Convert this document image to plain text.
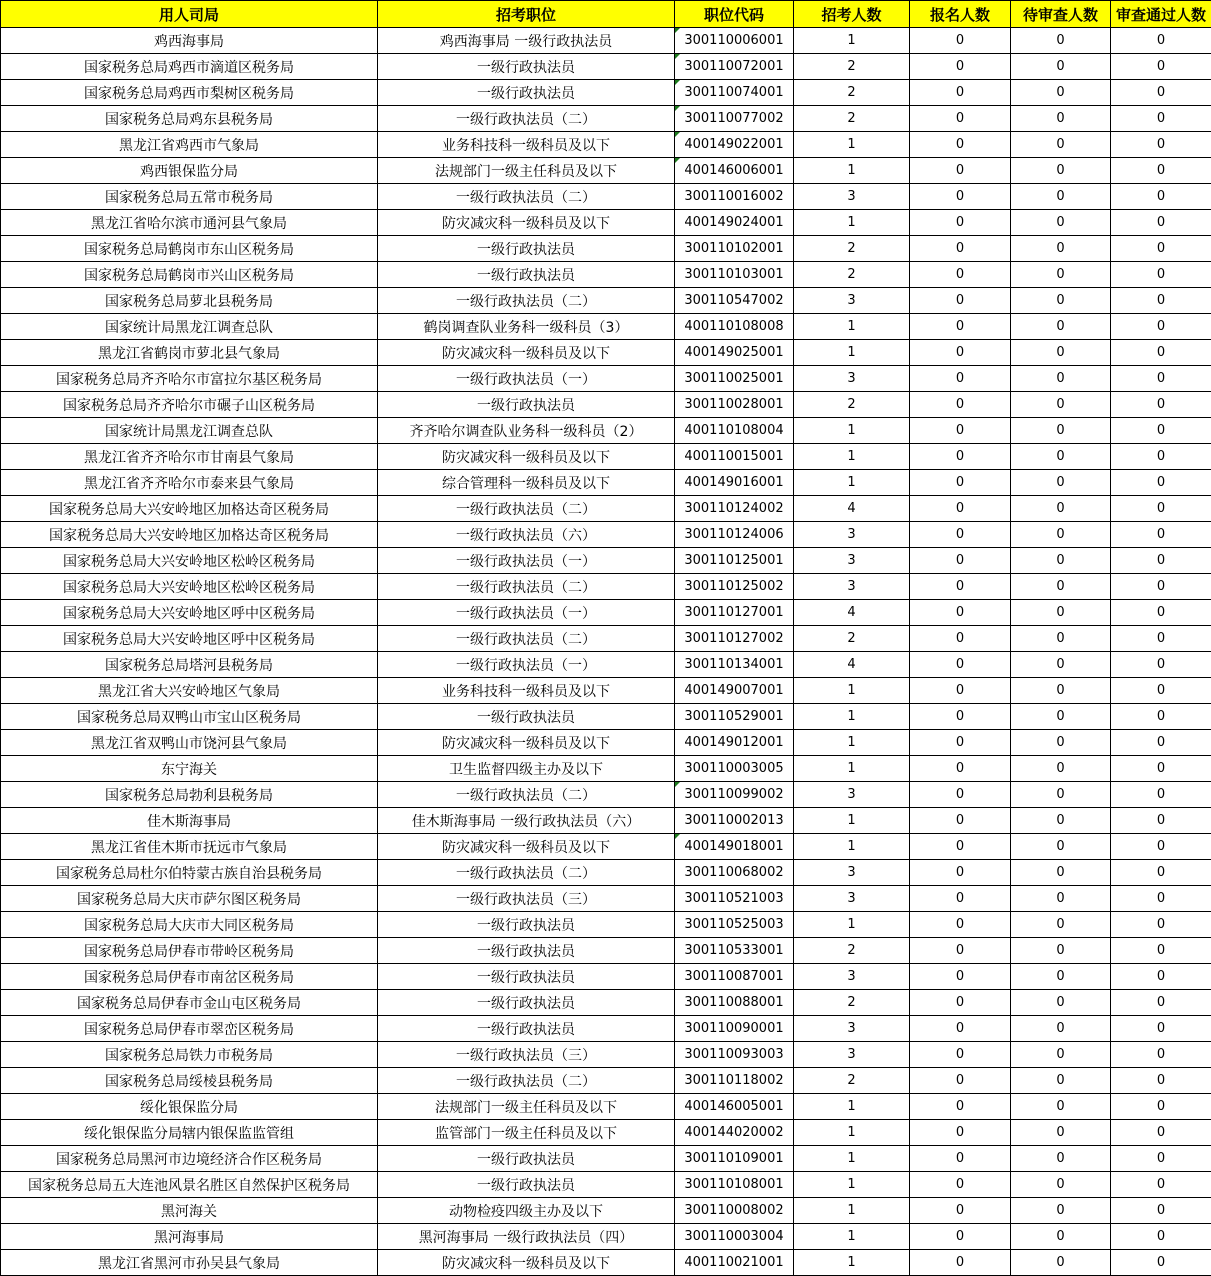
用人司局	招考职位	职位代码	招考人数	报名人数	待审查人数	审查通过人数
鸡西海事局	鸡西海事局 一级行政执法员	300110006001	1	0	0	0
国家税务总局鸡西市滴道区税务局	一级行政执法员	300110072001	2	0	0	0
国家税务总局鸡西市梨树区税务局	一级行政执法员	300110074001	2	0	0	0
国家税务总局鸡东县税务局	一级行政执法员（二）	300110077002	2	0	0	0
黑龙江省鸡西市气象局	业务科技科一级科员及以下	400149022001	1	0	0	0
鸡西银保监分局	法规部门一级主任科员及以下	400146006001	1	0	0	0
国家税务总局五常市税务局	一级行政执法员（二）	300110016002	3	0	0	0
黑龙江省哈尔滨市通河县气象局	防灾减灾科一级科员及以下	400149024001	1	0	0	0
国家税务总局鹤岗市东山区税务局	一级行政执法员	300110102001	2	0	0	0
国家税务总局鹤岗市兴山区税务局	一级行政执法员	300110103001	2	0	0	0
国家税务总局萝北县税务局	一级行政执法员（二）	300110547002	3	0	0	0
国家统计局黑龙江调查总队	鹤岗调查队业务科一级科员（3）	400110108008	1	0	0	0
黑龙江省鹤岗市萝北县气象局	防灾减灾科一级科员及以下	400149025001	1	0	0	0
国家税务总局齐齐哈尔市富拉尔基区税务局	一级行政执法员（一）	300110025001	3	0	0	0
国家税务总局齐齐哈尔市碾子山区税务局	一级行政执法员	300110028001	2	0	0	0
国家统计局黑龙江调查总队	齐齐哈尔调查队业务科一级科员（2）	400110108004	1	0	0	0
黑龙江省齐齐哈尔市甘南县气象局	防灾减灾科一级科员及以下	400110015001	1	0	0	0
黑龙江省齐齐哈尔市泰来县气象局	综合管理科一级科员及以下	400149016001	1	0	0	0
国家税务总局大兴安岭地区加格达奇区税务局	一级行政执法员（二）	300110124002	4	0	0	0
国家税务总局大兴安岭地区加格达奇区税务局	一级行政执法员（六）	300110124006	3	0	0	0
国家税务总局大兴安岭地区松岭区税务局	一级行政执法员（一）	300110125001	3	0	0	0
国家税务总局大兴安岭地区松岭区税务局	一级行政执法员（二）	300110125002	3	0	0	0
国家税务总局大兴安岭地区呼中区税务局	一级行政执法员（一）	300110127001	4	0	0	0
国家税务总局大兴安岭地区呼中区税务局	一级行政执法员（二）	300110127002	2	0	0	0
国家税务总局塔河县税务局	一级行政执法员（一）	300110134001	4	0	0	0
黑龙江省大兴安岭地区气象局	业务科技科一级科员及以下	400149007001	1	0	0	0
国家税务总局双鸭山市宝山区税务局	一级行政执法员	300110529001	1	0	0	0
黑龙江省双鸭山市饶河县气象局	防灾减灾科一级科员及以下	400149012001	1	0	0	0
东宁海关	卫生监督四级主办及以下	300110003005	1	0	0	0
国家税务总局勃利县税务局	一级行政执法员（二）	300110099002	3	0	0	0
佳木斯海事局	佳木斯海事局 一级行政执法员（六）	300110002013	1	0	0	0
黑龙江省佳木斯市抚远市气象局	防灾减灾科一级科员及以下	400149018001	1	0	0	0
国家税务总局杜尔伯特蒙古族自治县税务局	一级行政执法员（二）	300110068002	3	0	0	0
国家税务总局大庆市萨尔图区税务局	一级行政执法员（三）	300110521003	3	0	0	0
国家税务总局大庆市大同区税务局	一级行政执法员	300110525003	1	0	0	0
国家税务总局伊春市带岭区税务局	一级行政执法员	300110533001	2	0	0	0
国家税务总局伊春市南岔区税务局	一级行政执法员	300110087001	3	0	0	0
国家税务总局伊春市金山屯区税务局	一级行政执法员	300110088001	2	0	0	0
国家税务总局伊春市翠峦区税务局	一级行政执法员	300110090001	3	0	0	0
国家税务总局铁力市税务局	一级行政执法员（三）	300110093003	3	0	0	0
国家税务总局绥棱县税务局	一级行政执法员（二）	300110118002	2	0	0	0
绥化银保监分局	法规部门一级主任科员及以下	400146005001	1	0	0	0
绥化银保监分局辖内银保监监管组	监管部门一级主任科员及以下	400144020002	1	0	0	0
国家税务总局黑河市边境经济合作区税务局	一级行政执法员	300110109001	1	0	0	0
国家税务总局五大连池风景名胜区自然保护区税务局	一级行政执法员	300110108001	1	0	0	0
黑河海关	动物检疫四级主办及以下	300110008002	1	0	0	0
黑河海事局	黑河海事局 一级行政执法员（四）	300110003004	1	0	0	0
黑龙江省黑河市孙吴县气象局	防灾减灾科一级科员及以下	400110021001	1	0	0	0
